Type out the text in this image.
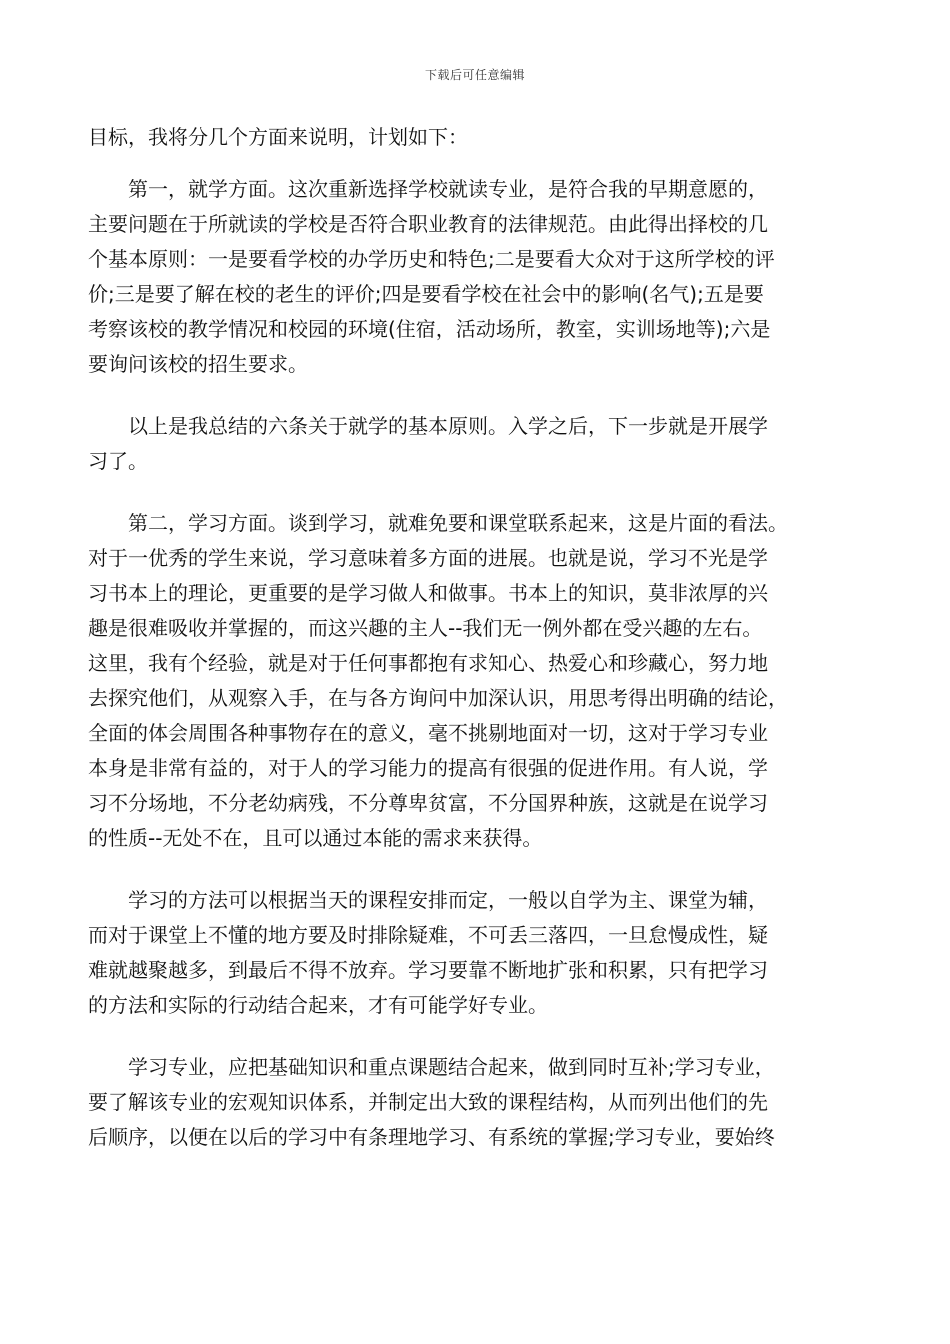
下载后可任意编辑
目标，我将分几个方面来说明，计划如下：
第一，就学方面。这次重新选择学校就读专业，是符合我的早期意愿的，
主要问题在于所就读的学校是否符合职业教育的法律规范。由此得出择校的几
个基本原则：一是要看学校的办学历史和特色;二是要看大众对于这所学校的评
价;三是要了解在校的老生的评价;四是要看学校在社会中的影响(名气);五是要
考察该校的教学情况和校园的环境(住宿，活动场所，教室，实训场地等);六是
要询问该校的招生要求。
以上是我总结的六条关于就学的基本原则。入学之后，下一步就是开展学
习了。
第二，学习方面。谈到学习，就难免要和课堂联系起来，这是片面的看法。
对于一优秀的学生来说，学习意味着多方面的进展。也就是说，学习不光是学
习书本上的理论，更重要的是学习做人和做事。书本上的知识，莫非浓厚的兴
趣是很难吸收并掌握的，而这兴趣的主人--我们无一例外都在受兴趣的左右。
这里，我有个经验，就是对于任何事都抱有求知心、热爱心和珍藏心，努力地
去探究他们，从观察入手，在与各方询问中加深认识，用思考得出明确的结论，
全面的体会周围各种事物存在的意义，毫不挑剔地面对一切，这对于学习专业
本身是非常有益的，对于人的学习能力的提高有很强的促进作用。有人说，学
习不分场地，不分老幼病残，不分尊卑贫富，不分国界种族，这就是在说学习
的性质--无处不在，且可以通过本能的需求来获得。
学习的方法可以根据当天的课程安排而定，一般以自学为主、课堂为辅，
而对于课堂上不懂的地方要及时排除疑难，不可丢三落四，一旦怠慢成性，疑
难就越聚越多，到最后不得不放弃。学习要靠不断地扩张和积累，只有把学习
的方法和实际的行动结合起来，才有可能学好专业。
学习专业，应把基础知识和重点课题结合起来，做到同时互补;学习专业，
要了解该专业的宏观知识体系，并制定出大致的课程结构，从而列出他们的先
后顺序，以便在以后的学习中有条理地学习、有系统的掌握;学习专业，要始终
